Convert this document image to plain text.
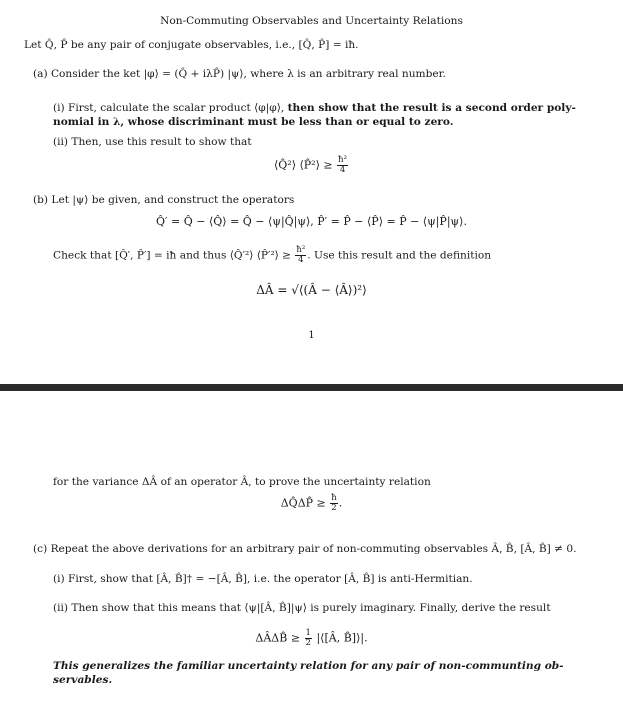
Non-Commuting Observables and Uncertainty Relations
Let Q̂, P̂ be any pair of conjugate observables, i.e., [Q̂, P̂] = iħ.
(a) Consider the ket |φ⟩ = (Q̂ + iλP̂) |ψ⟩, where λ is an arbitrary real number.
(i) First, calculate the scalar product ⟨φ|φ⟩, then show that the result is a second order poly-
nomial in λ, whose discriminant must be less than or equal to zero.
(ii) Then, use this result to show that
⟨Q̂²⟩ ⟨P̂²⟩ ≥ $\frac{\text{ħ²}}{4}$
(b) Let |ψ⟩ be given, and construct the operators
Q̂′ = Q̂ − ⟨Q̂⟩ = Q̂ − ⟨ψ|Q̂|ψ⟩, P̂′ = P̂ − ⟨P̂⟩ = P̂ − ⟨ψ|P̂|ψ⟩.
Check that [Q̂′, P̂′] = iħ and thus ⟨Q̂′²⟩ ⟨P̂′²⟩ ≥ $\frac{\text{ħ²}}{4}$ . Use this result and the definition
ΔÂ = √⟨(Â − ⟨Â⟩)²⟩
1
for the variance ΔÂ of an operator Â, to prove the uncertainty relation
ΔQ̂ΔP̂ ≥ $\frac{ħ}{2}$ .
(c) Repeat the above derivations for an arbitrary pair of non-commuting observables Â, B̂, [Â, B̂] ≠ 0.
(i) First, show that [Â, B̂]† = −[Â, B̂], i.e. the operator [Â, B̂] is anti-Hermitian.
(ii) Then show that this means that ⟨ψ|[Â, B̂]|ψ⟩ is purely imaginary. Finally, derive the result
ΔÂΔB̂ ≥ $\frac{1}{2}$ |⟨[Â, B̂]⟩|.
This generalizes the familiar uncertainty relation for any pair of non-communting ob-
servables.
